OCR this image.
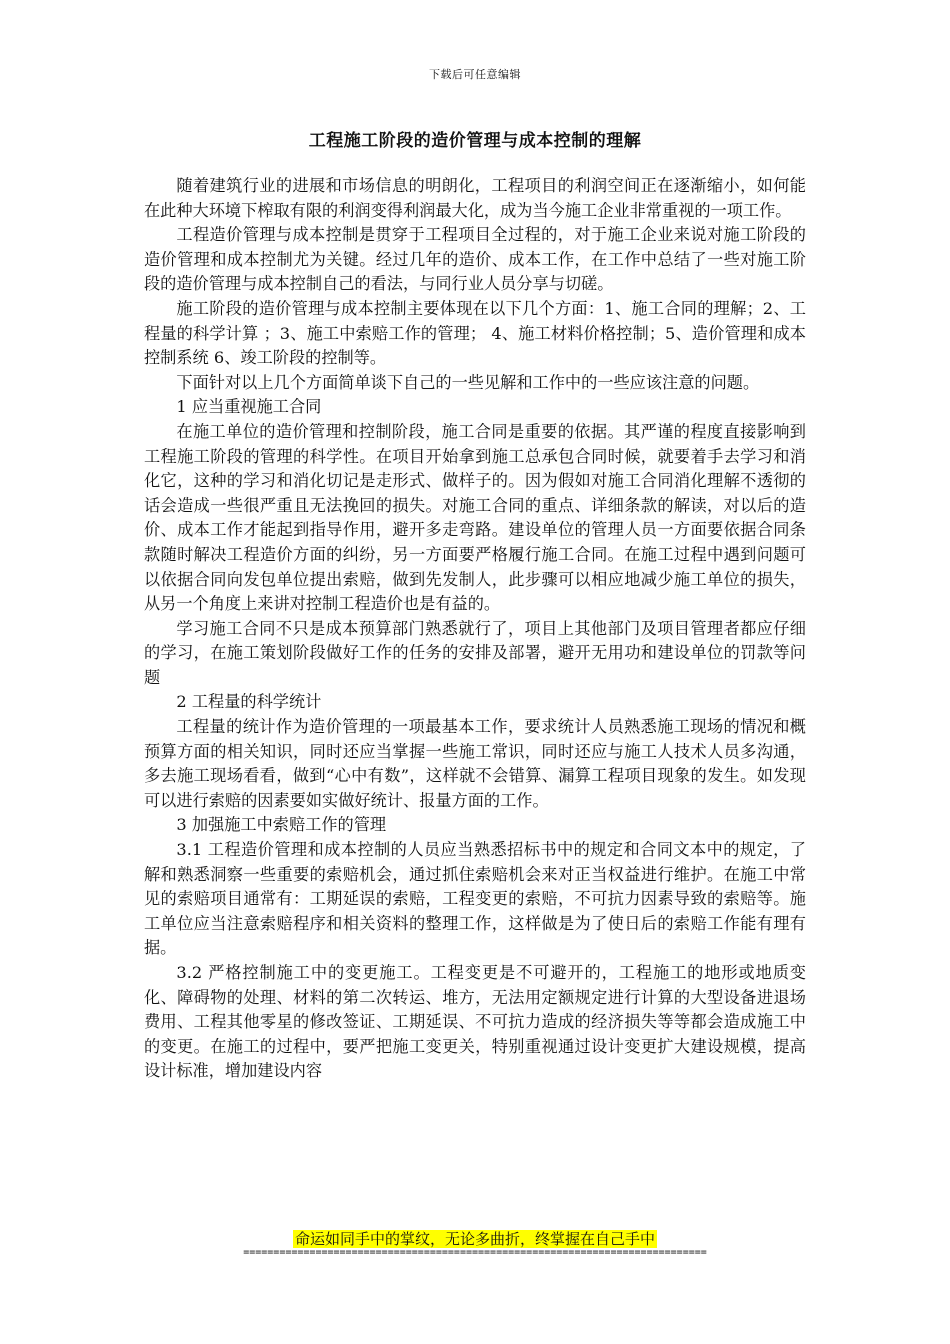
下载后可任意编辑
工程施工阶段的造价管理与成本控制的理解

随着建筑行业的进展和市场信息的明朗化，工程项目的利润空间正在逐渐缩小，如何能在此种大环境下榨取有限的利润变得利润最大化，成为当今施工企业非常重视的一项工作。

工程造价管理与成本控制是贯穿于工程项目全过程的，对于施工企业来说对施工阶段的造价管理和成本控制尤为关键。经过几年的造价、成本工作，在工作中总结了一些对施工阶段的造价管理与成本控制自己的看法，与同行业人员分享与切磋。

施工阶段的造价管理与成本控制主要体现在以下几个方面：1、施工合同的理解；2、工程量的科学计算 ；3、施工中索赔工作的管理； 4、施工材料价格控制；5、造价管理和成本控制系统 6、竣工阶段的控制等。

下面针对以上几个方面简单谈下自己的一些见解和工作中的一些应该注意的问题。

1 应当重视施工合同

在施工单位的造价管理和控制阶段，施工合同是重要的依据。其严谨的程度直接影响到工程施工阶段的管理的科学性。在项目开始拿到施工总承包合同时候，就要着手去学习和消化它，这种的学习和消化切记是走形式、做样子的。因为假如对施工合同消化理解不透彻的话会造成一些很严重且无法挽回的损失。对施工合同的重点、详细条款的解读，对以后的造价、成本工作才能起到指导作用，避开多走弯路。建设单位的管理人员一方面要依据合同条款随时解决工程造价方面的纠纷，另一方面要严格履行施工合同。在施工过程中遇到问题可以依据合同向发包单位提出索赔，做到先发制人，此步骤可以相应地减少施工单位的损失，从另一个角度上来讲对控制工程造价也是有益的。

学习施工合同不只是成本预算部门熟悉就行了，项目上其他部门及项目管理者都应仔细的学习，在施工策划阶段做好工作的任务的安排及部署，避开无用功和建设单位的罚款等问题

2 工程量的科学统计

工程量的统计作为造价管理的一项最基本工作，要求统计人员熟悉施工现场的情况和概预算方面的相关知识，同时还应当掌握一些施工常识，同时还应与施工人技术人员多沟通，多去施工现场看看，做到“心中有数”，这样就不会错算、漏算工程项目现象的发生。如发现可以进行索赔的因素要如实做好统计、报量方面的工作。

3 加强施工中索赔工作的管理

3.1 工程造价管理和成本控制的人员应当熟悉招标书中的规定和合同文本中的规定，了解和熟悉洞察一些重要的索赔机会，通过抓住索赔机会来对正当权益进行维护。在施工中常见的索赔项目通常有：工期延误的索赔，工程变更的索赔，不可抗力因素导致的索赔等。施工单位应当注意索赔程序和相关资料的整理工作，这样做是为了使日后的索赔工作能有理有据。

3.2 严格控制施工中的变更施工。工程变更是不可避开的，工程施工的地形或地质变化、障碍物的处理、材料的第二次转运、堆方，无法用定额规定进行计算的大型设备进退场费用、工程其他零星的修改签证、工期延误、不可抗力造成的经济损失等等都会造成施工中的变更。在施工的过程中，要严把施工变更关，特别重视通过设计变更扩大建设规模，提高设计标准，增加建设内容

命运如同手中的掌纹，无论多曲折，终掌握在自己手中
=============================================================================
